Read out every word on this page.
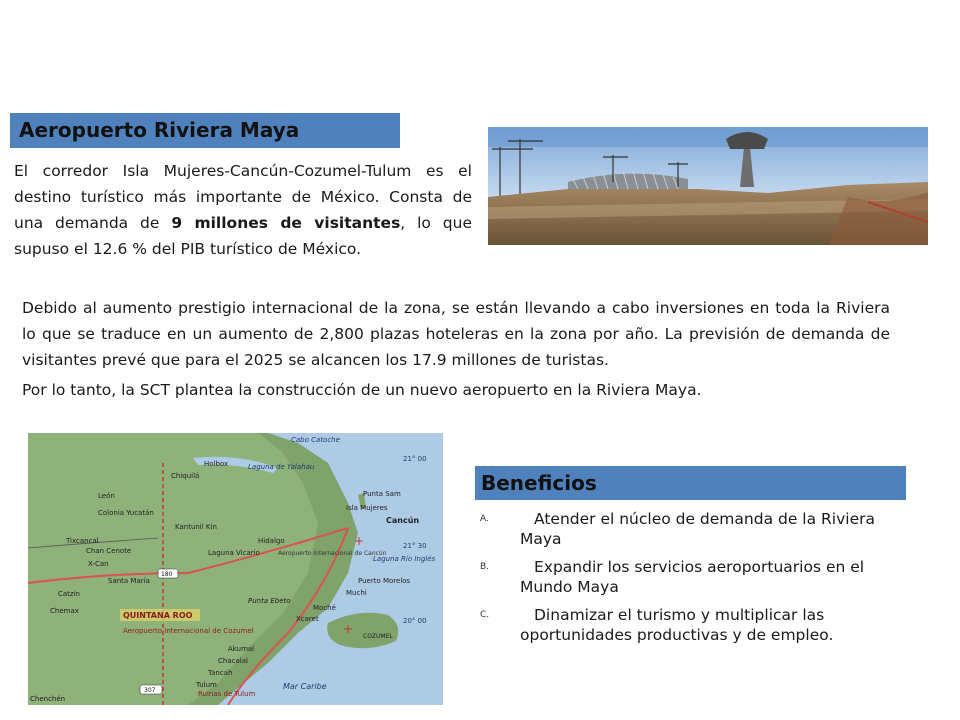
Aeropuerto Riviera Maya
El corredor Isla Mujeres-Cancún-Cozumel-Tulum es el destino turístico más importante de México. Consta de una demanda de 9 millones de visitantes, lo que supuso el 12.6 % del PIB turístico de México.
Debido al aumento prestigio internacional de la zona, se están llevando a cabo inversiones en toda la Riviera lo que se traduce en un aumento de 2,800 plazas hoteleras en la zona por año. La previsión de demanda de visitantes prevé que para el 2025 se alcancen los 17.9 millones de turistas.
Por lo tanto, la SCT plantea la construcción de un nuevo aeropuerto en la Riviera Maya.
+
+
180
307
Cabo Catoche
Holbox	Laguna de Yalahau
Chiquilá
Punta Sam
Isla Mujeres
Cancún
León
Colonia Yucatán
Kantunil Kin
Tixcancal
Chan Cenote
X-Can
Laguna Vicario
Hidalgo
Aeropuerto Internacional de Cancún
Laguna Río Inglés
Santa María
Catzín
Puerto Morelos
Chemax
Punta Ebeto
Moché
Xcaret
Muchi
QUINTANA ROO
Aeropuerto Internacional de Cozumel
COZUMEL
Akumal
Chacalal
Tancah
Tulum
Ruinas de Tulum
Mar Caribe
Chenchén
21° 00
21° 30
20° 00
Beneficios
A.	Atender el núcleo de demanda de la Riviera Maya
B.	Expandir los servicios aeroportuarios en el Mundo Maya
C.	Dinamizar el turismo y multiplicar las oportunidades productivas y de empleo.
